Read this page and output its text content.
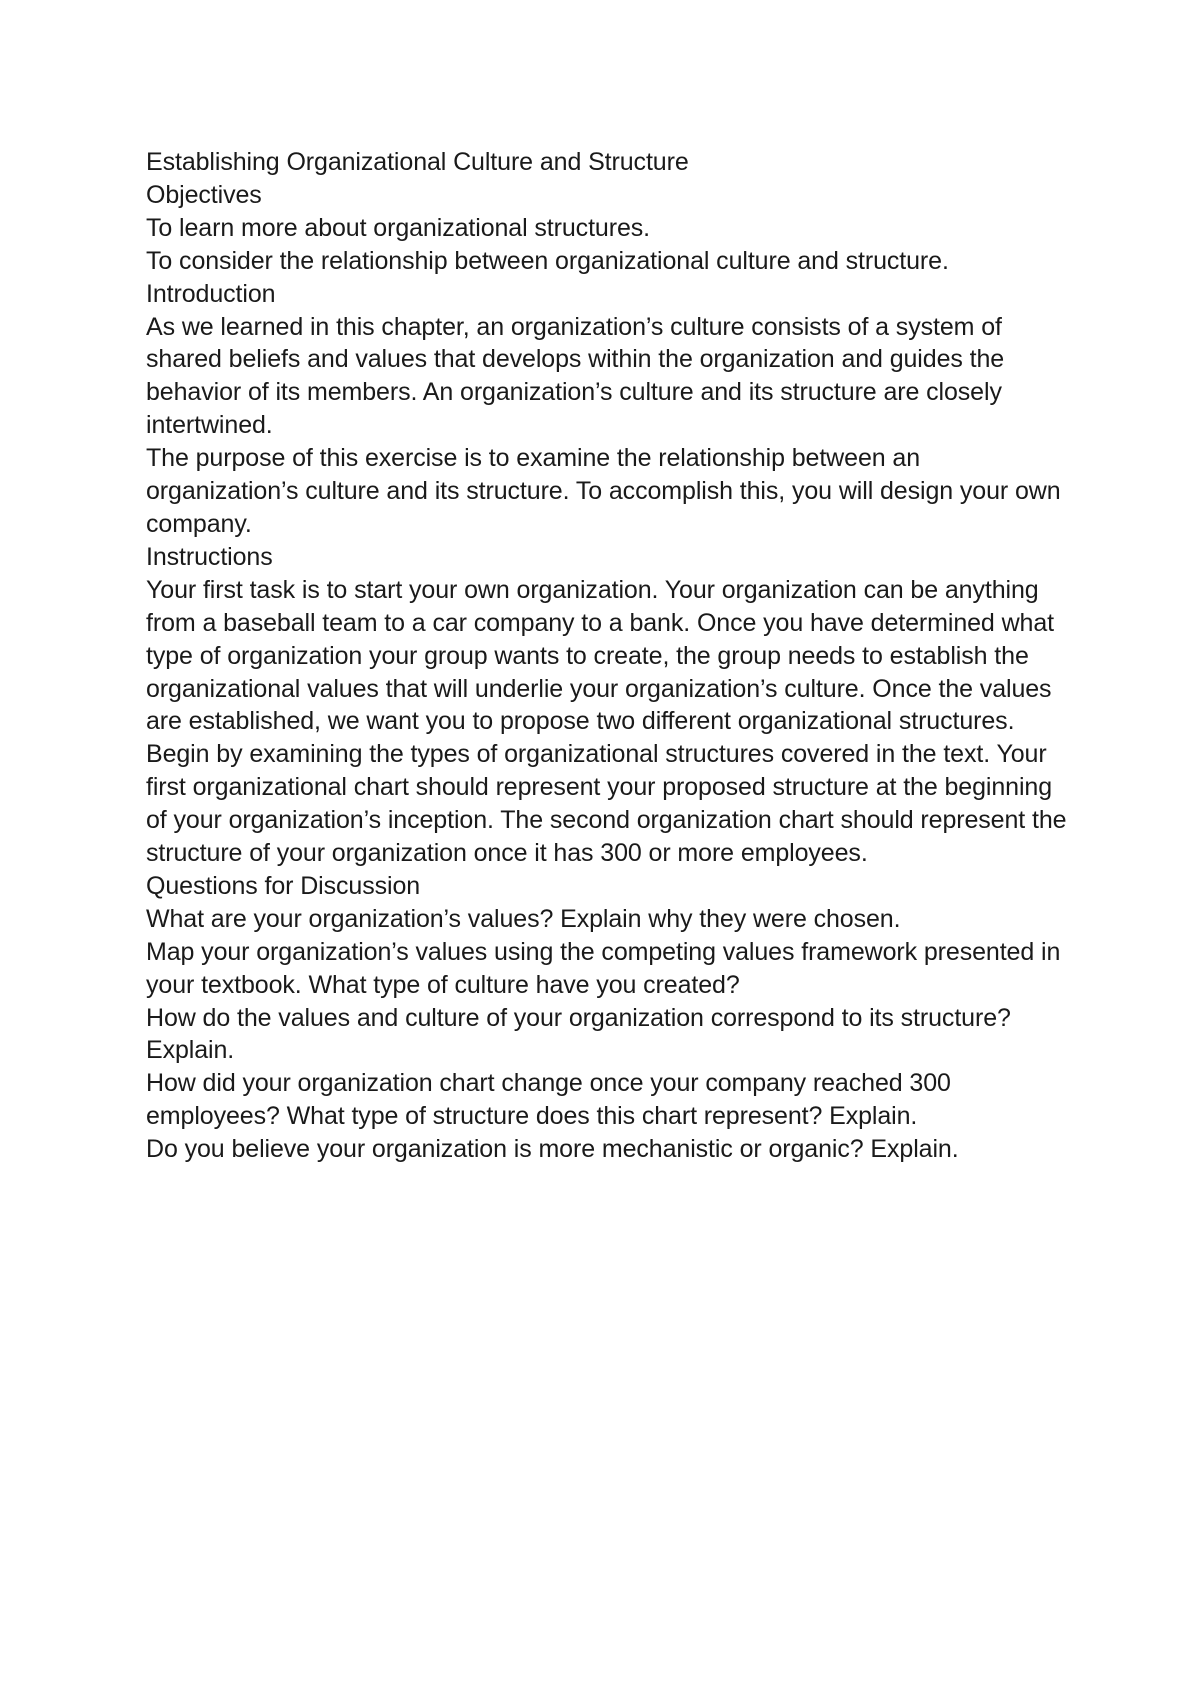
Establishing Organizational Culture and Structure

Objectives

To learn more about organizational structures.

To consider the relationship between organizational culture and structure.

Introduction

As we learned in this chapter, an organization’s culture consists of a system of shared beliefs and values that develops within the organization and guides the behavior of its members. An organization’s culture and its structure are closely intertwined.

The purpose of this exercise is to examine the relationship between an organization’s culture and its structure. To accomplish this, you will design your own company.

Instructions

Your first task is to start your own organization. Your organization can be anything from a baseball team to a car company to a bank. Once you have determined what type of organization your group wants to create, the group needs to establish the organizational values that will underlie your organization’s culture. Once the values are established, we want you to propose two different organizational structures. Begin by examining the types of organizational structures covered in the text. Your first organizational chart should represent your proposed structure at the beginning of your organization’s inception. The second organization chart should represent the structure of your organization once it has 300 or more employees.

Questions for Discussion

What are your organization’s values? Explain why they were chosen.

Map your organization’s values using the competing values framework presented in your textbook. What type of culture have you created?

How do the values and culture of your organization correspond to its structure? Explain.

How did your organization chart change once your company reached 300 employees? What type of structure does this chart represent? Explain.

Do you believe your organization is more mechanistic or organic? Explain.
